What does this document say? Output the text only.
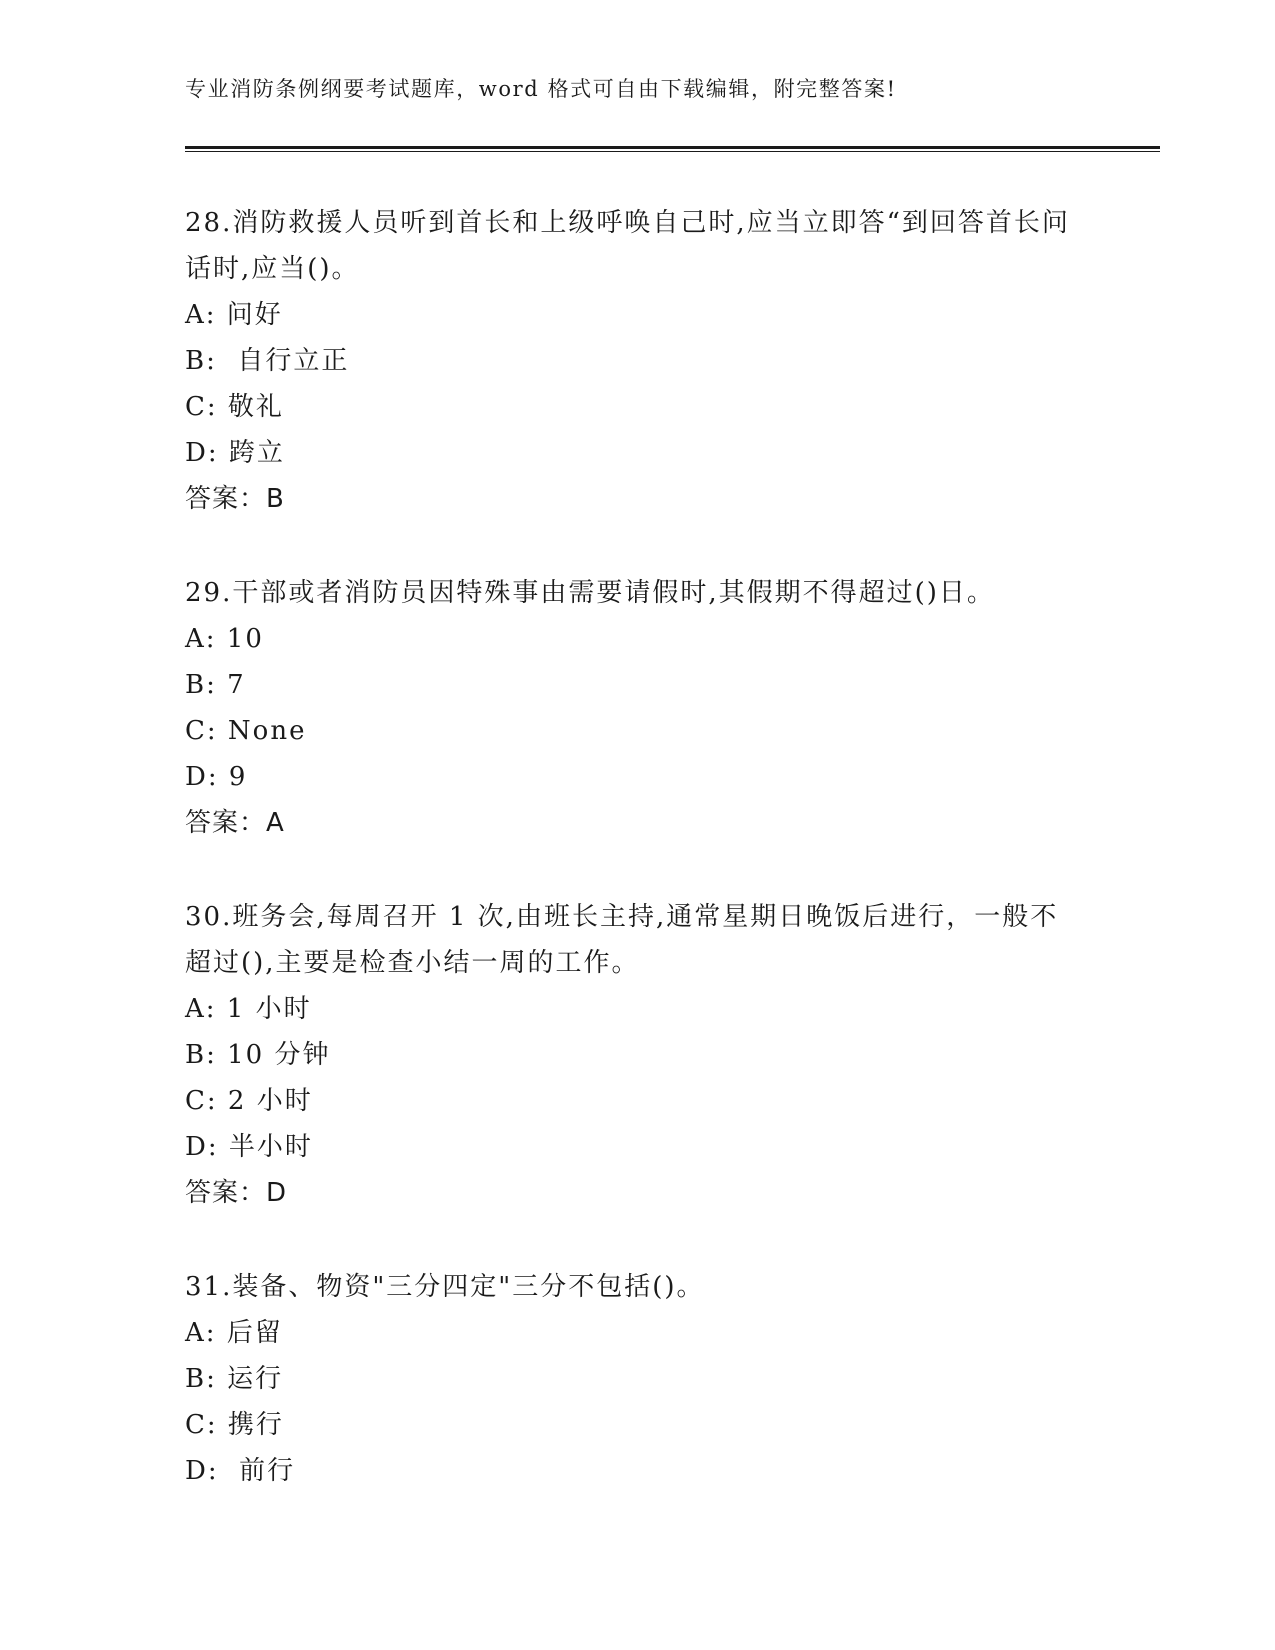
专业消防条例纲要考试题库，word 格式可自由下载编辑，附完整答案!

28.消防救援人员听到首长和上级呼唤自己时,应当立即答“到回答首长问话时,应当()。

A: 问好
B:  自行立正
C: 敬礼
D: 跨立
答案：B

29.干部或者消防员因特殊事由需要请假时,其假期不得超过()日。

A: 10
B: 7
C: None
D: 9
答案：A

30.班务会,每周召开 1 次,由班长主持,通常星期日晚饭后进行，一般不超过(),主要是检查小结一周的工作。

A: 1 小时
B: 10 分钟
C: 2 小时
D: 半小时
答案：D

31.装备、物资"三分四定"三分不包括()。

A: 后留
B: 运行
C: 携行
D:  前行
